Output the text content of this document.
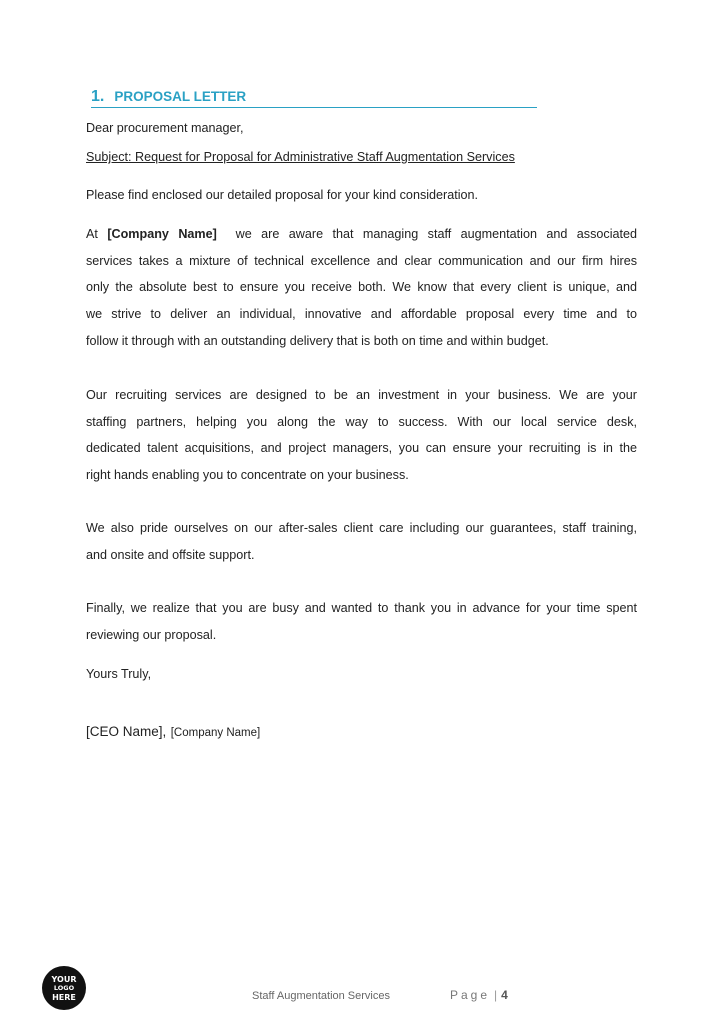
1. PROPOSAL LETTER

Dear procurement manager,

Subject: Request for Proposal for Administrative Staff Augmentation Services

Please find enclosed our detailed proposal for your kind consideration.

At [Company Name] we are aware that managing staff augmentation and associated
services takes a mixture of technical excellence and clear communication and our firm hires
only the absolute best to ensure you receive both. We know that every client is unique, and
we strive to deliver an individual, innovative and affordable proposal every time and to
follow it through with an outstanding delivery that is both on time and within budget.
Our recruiting services are designed to be an investment in your business. We are your
staffing partners, helping you along the way to success. With our local service desk,
dedicated talent acquisitions, and project managers, you can ensure your recruiting is in the
right hands enabling you to concentrate on your business.
We also pride ourselves on our after-sales client care including our guarantees, staff training,
and onsite and offsite support.
Finally, we realize that you are busy and wanted to thank you in advance for your time spent
reviewing our proposal.

Yours Truly,

[CEO Name], [Company Name]
YOUR
LOGO
HERE	Staff Augmentation Services	Page | 4
